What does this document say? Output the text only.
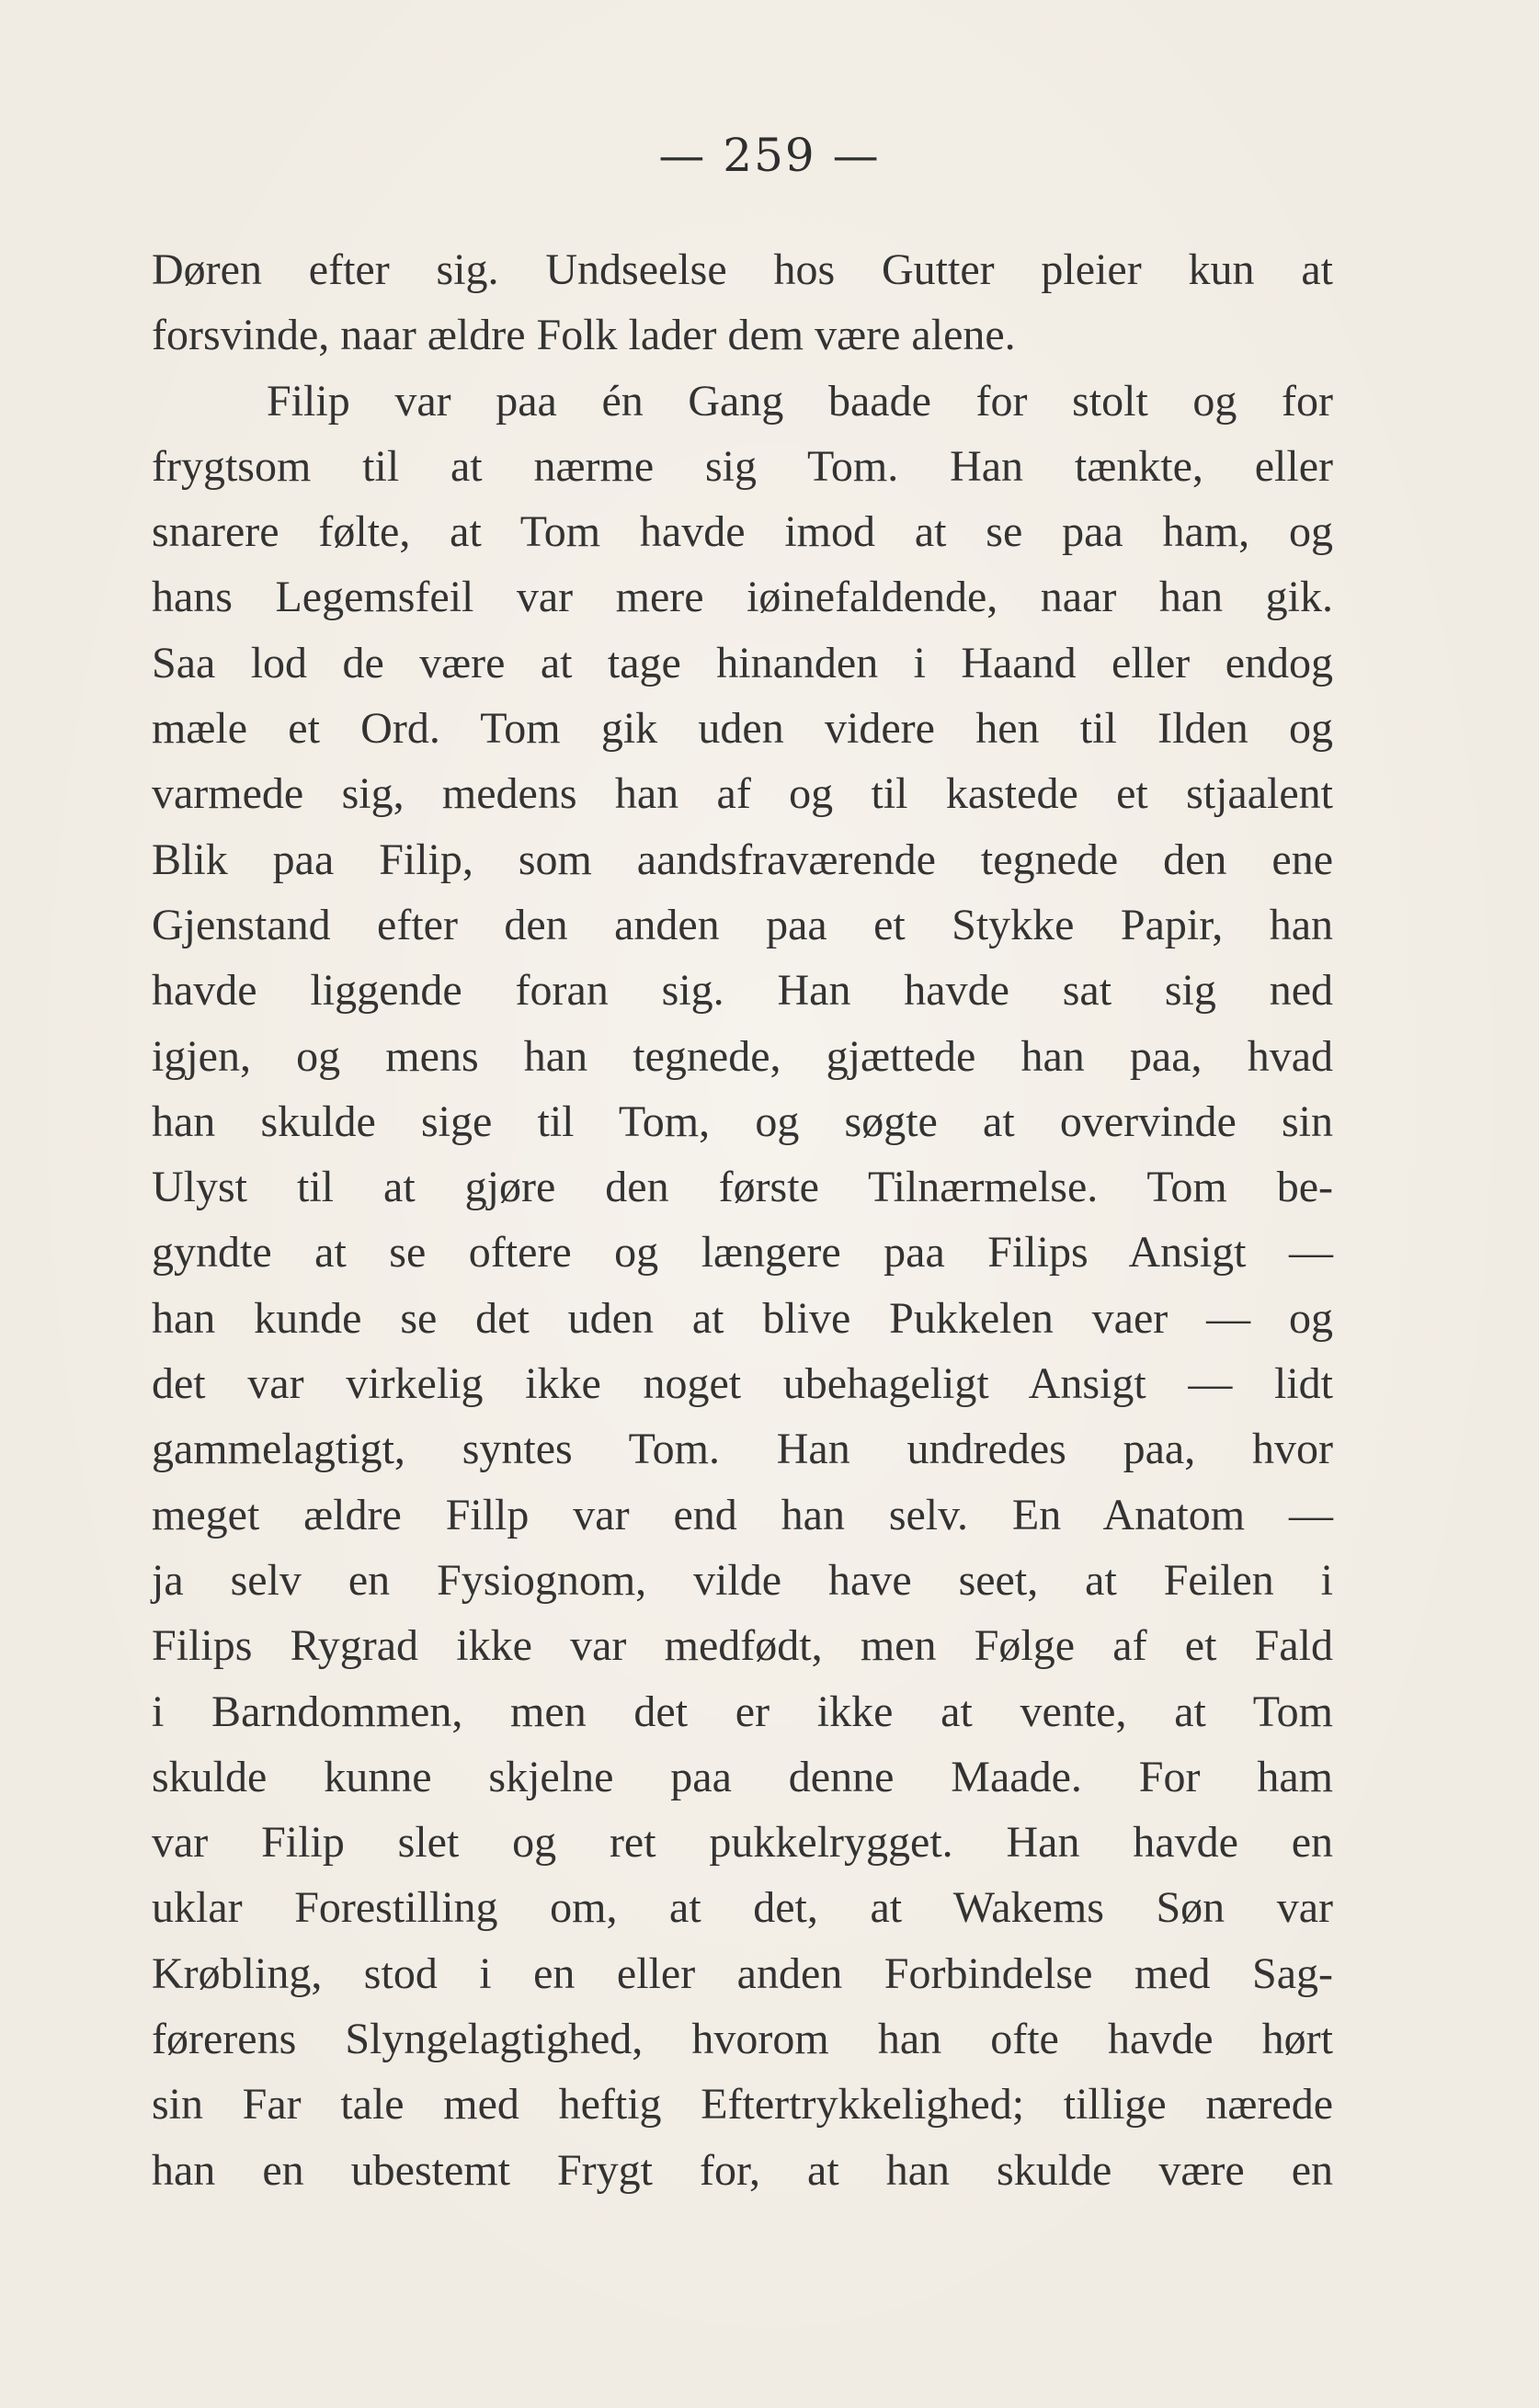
— 259 —
Døren efter sig. Undseelse hos Gutter pleier kun at
forsvinde, naar ældre Folk lader dem være alene.
Filip var paa én Gang baade for stolt og for
frygtsom til at nærme sig Tom. Han tænkte, eller
snarere følte, at Tom havde imod at se paa ham, og
hans Legemsfeil var mere iøinefaldende, naar han gik.
Saa lod de være at tage hinanden i Haand eller endog
mæle et Ord. Tom gik uden videre hen til Ilden og
varmede sig, medens han af og til kastede et stjaalent
Blik paa Filip, som aandsfraværende tegnede den ene
Gjenstand efter den anden paa et Stykke Papir, han
havde liggende foran sig. Han havde sat sig ned
igjen, og mens han tegnede, gjættede han paa, hvad
han skulde sige til Tom, og søgte at overvinde sin
Ulyst til at gjøre den første Tilnærmelse. Tom be-
gyndte at se oftere og længere paa Filips Ansigt —
han kunde se det uden at blive Pukkelen vaer — og
det var virkelig ikke noget ubehageligt Ansigt — lidt
gammelagtigt, syntes Tom. Han undredes paa, hvor
meget ældre Fillp var end han selv. En Anatom —
ja selv en Fysiognom, vilde have seet, at Feilen i
Filips Rygrad ikke var medfødt, men Følge af et Fald
i Barndommen, men det er ikke at vente, at Tom
skulde kunne skjelne paa denne Maade. For ham
var Filip slet og ret pukkelrygget. Han havde en
uklar Forestilling om, at det, at Wakems Søn var
Krøbling, stod i en eller anden Forbindelse med Sag-
førerens Slyngelagtighed, hvorom han ofte havde hørt
sin Far tale med heftig Eftertrykkelighed; tillige nærede
han en ubestemt Frygt for, at han skulde være en
